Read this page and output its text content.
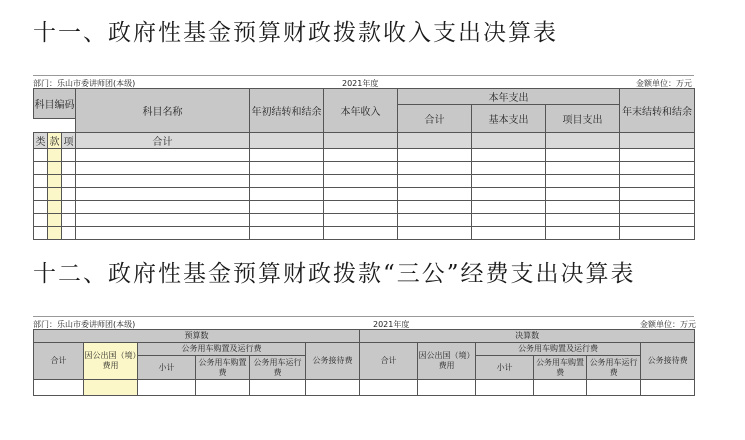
十一、政府性基金预算财政拨款收入支出决算表
部门：乐山市委讲师团(本级)	2021年度	金额单位：万元
科目编码			科目名称	年初结转和结余	本年收入	本年支出			年末结转和结余
						合计	基本支出	项目支出	

类	款	项	合计						

十二、政府性基金预算财政拨款“三公”经费支出决算表
部门：乐山市委讲师团(本级)	2021年度	金额单位：万元
预算数						决算数					
合计	因公出国（境）费用	公务用车购置及运行费			公务接待费	合计	因公出国（境）费用	公务用车购置及运行费			公务接待费
		小计	公务用车购置费	公务用车运行费				小计	公务用车购置费	公务用车运行费	
